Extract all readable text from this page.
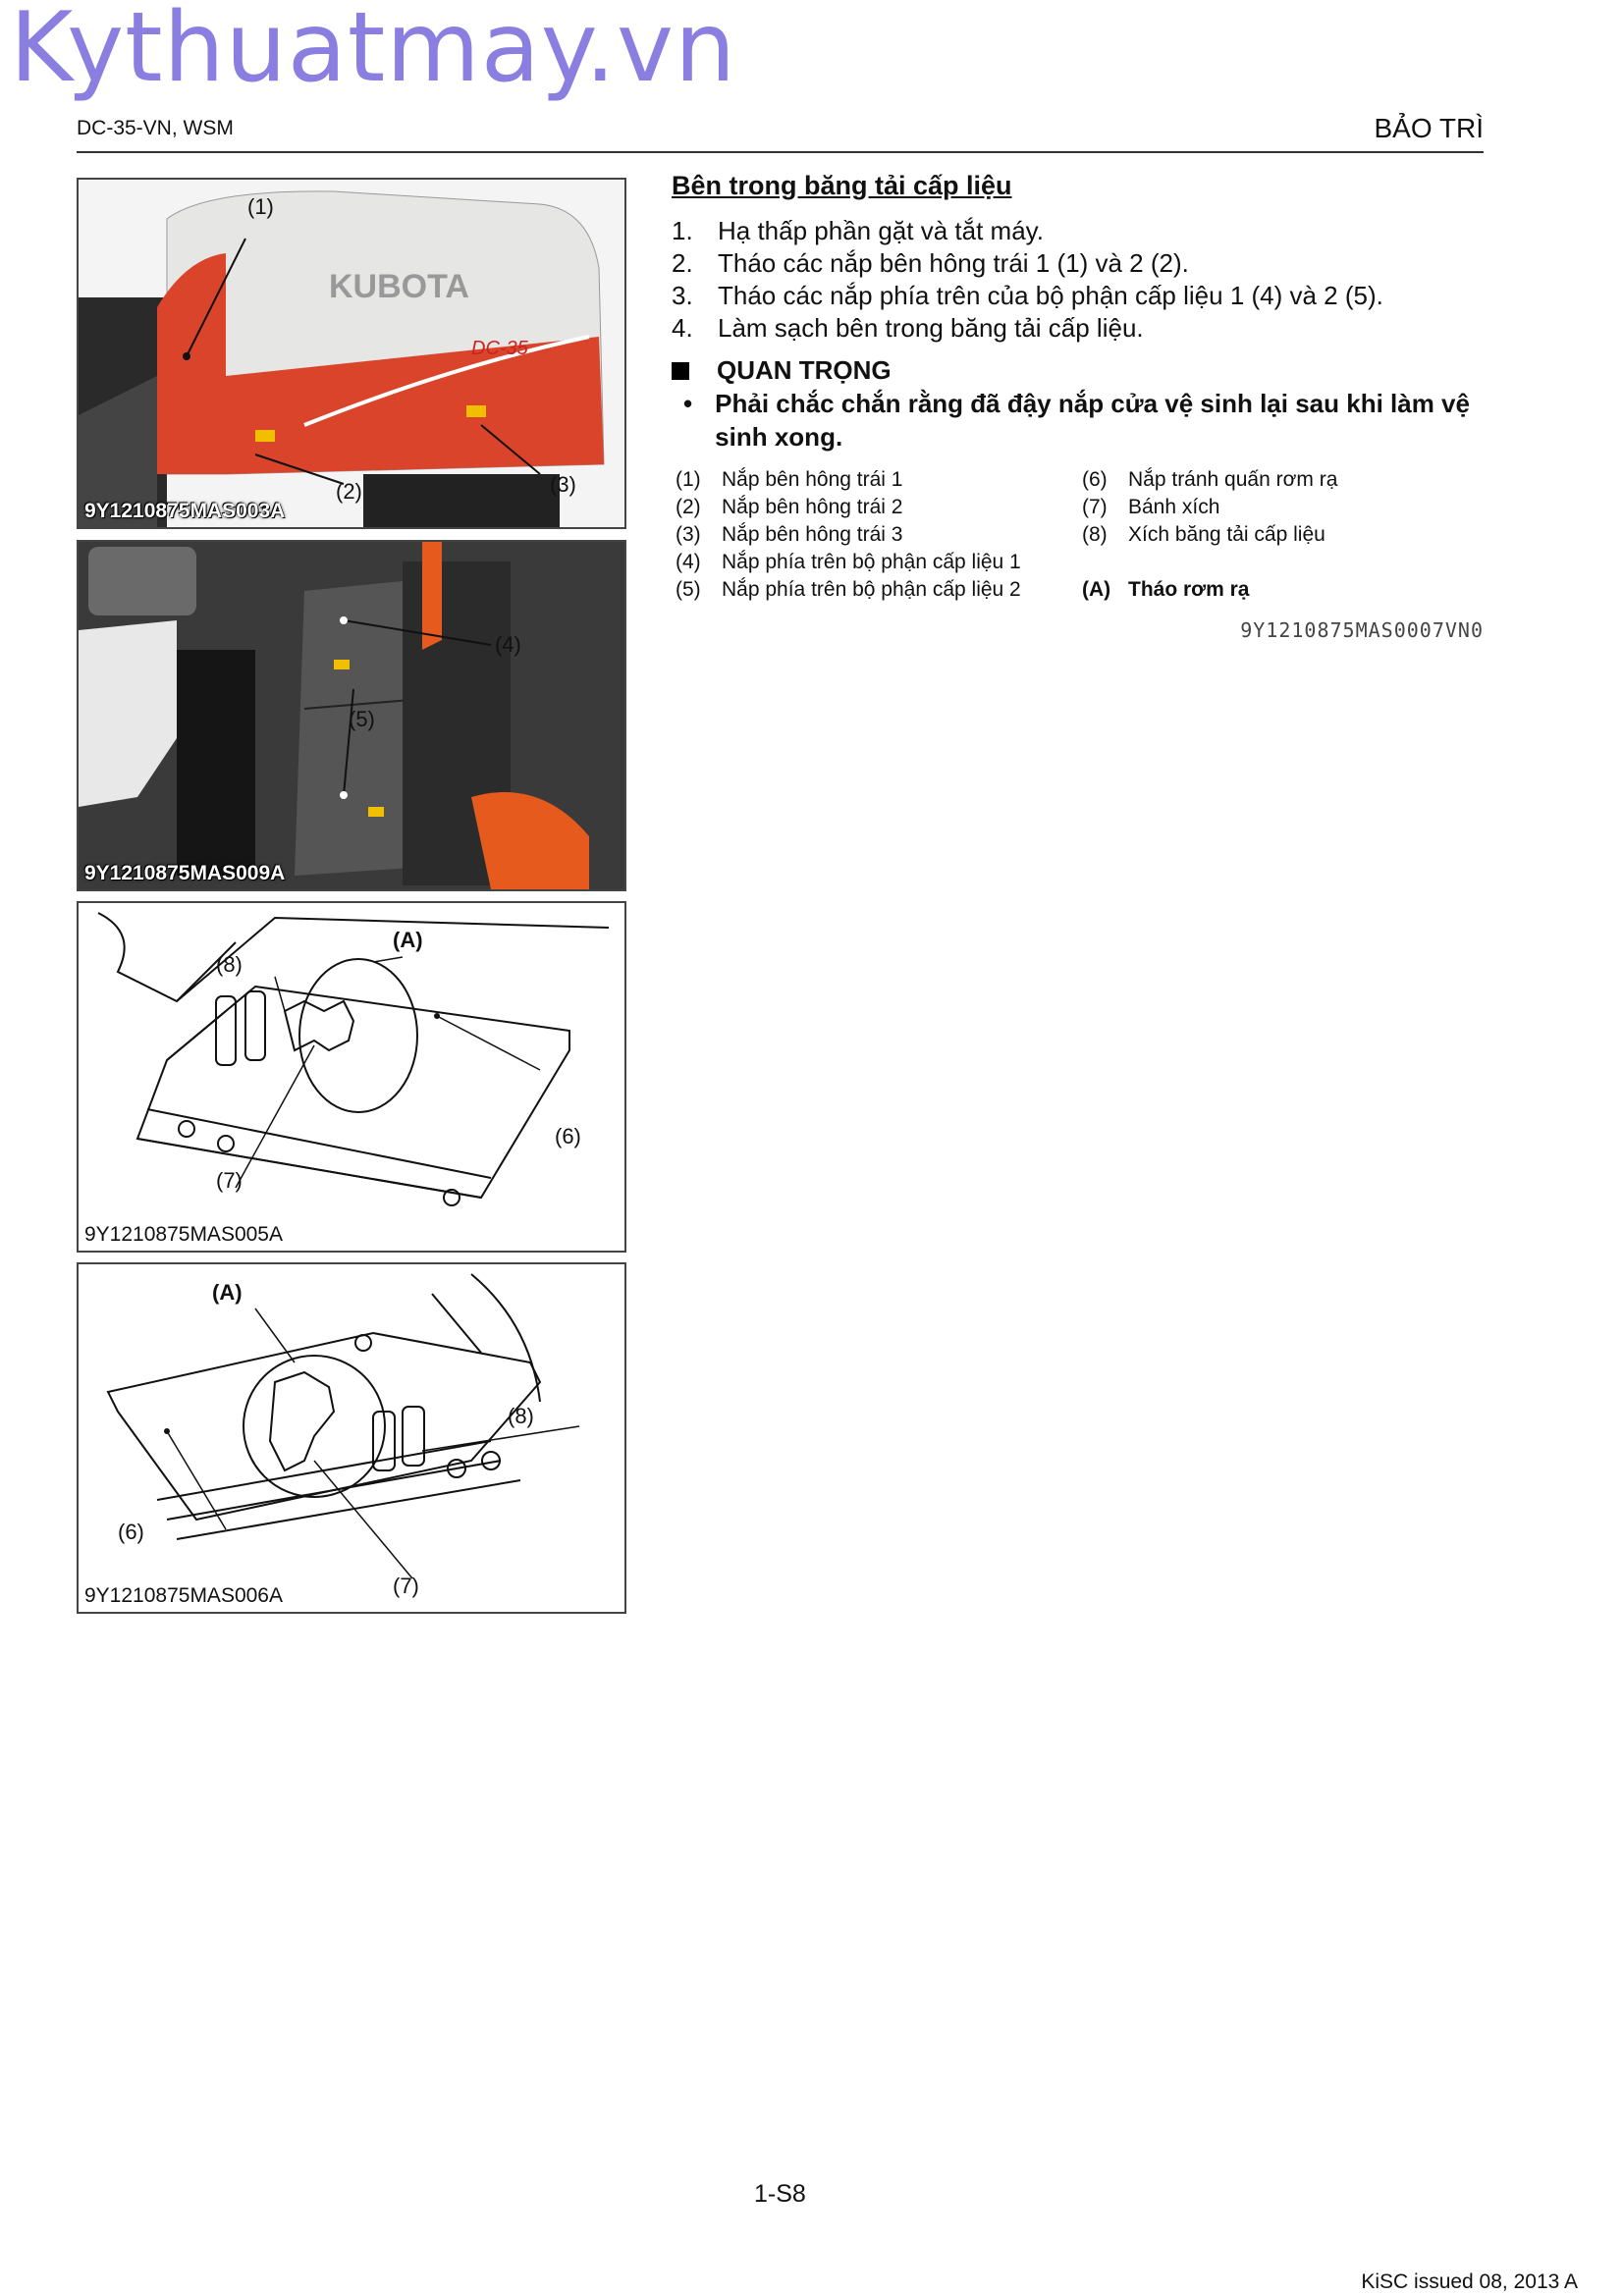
Kythuatmay.vn
DC-35-VN, WSM	BẢO TRÌ
KUBOTA
DC-35
(1)
(2)	(3)
9Y1210875MAS003A
(4)
(5)
9Y1210875MAS009A
(A)
(8)
(6)
(7)
9Y1210875MAS005A
(A)
(8)
(6)
(7)
9Y1210875MAS006A
Bên trong băng tải cấp liệu
1. Hạ thấp phần gặt và tắt máy.
2. Tháo các nắp bên hông trái 1 (1) và 2 (2).
3. Tháo các nắp phía trên của bộ phận cấp liệu 1 (4) và 2 (5).
4. Làm sạch bên trong băng tải cấp liệu.
QUAN TRỌNG
• Phải chắc chắn rằng đã đậy nắp cửa vệ sinh lại sau khi làm vệ sinh xong.
(1)	Nắp bên hông trái 1
(2)	Nắp bên hông trái 2
(3)	Nắp bên hông trái 3
(4)	Nắp phía trên bộ phận cấp liệu 1
(5)	Nắp phía trên bộ phận cấp liệu 2
(6)	Nắp tránh quấn rơm rạ
(7)	Bánh xích
(8)	Xích băng tải cấp liệu
(A) Tháo rơm rạ
9Y1210875MAS0007VN0
1-S8
KiSC issued 08, 2013 A
